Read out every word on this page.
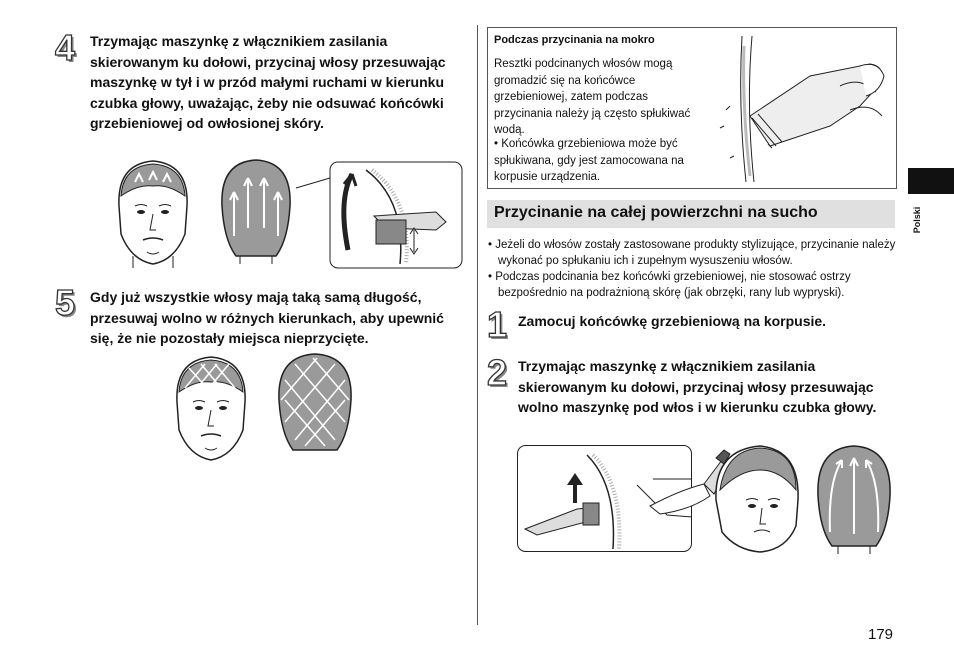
4 Trzymając maszynkę z włącznikiem zasilania skierowanym ku dołowi, przycinaj włosy przesuwając maszynkę w tył i w przód małymi ruchami w kierunku czubka głowy, uważając, żeby nie odsuwać końcówki grzebieniowej od owłosionej skóry.
5 Gdy już wszystkie włosy mają taką samą długość, przesuwaj wolno w różnych kierunkach, aby upewnić się, że nie pozostały miejsca nieprzycięte.
Podczas przycinania na mokro
Resztki podcinanych włosów mogą gromadzić się na końcówce grzebieniowej, zatem podczas przycinania należy ją często spłukiwać wodą.
• Końcówka grzebieniowa może być spłukiwana, gdy jest zamocowana na korpusie urządzenia.
Przycinanie na całej powierzchni na sucho
• Jeżeli do włosów zostały zastosowane produkty stylizujące, przycinanie należy wykonać po spłukaniu ich i zupełnym wysuszeniu włosów.
• Podczas podcinania bez końcówki grzebieniowej, nie stosować ostrzy bezpośrednio na podrażnioną skórę (jak obrzęki, rany lub wypryski).
1 Zamocuj końcówkę grzebieniową na korpusie.
2 Trzymając maszynkę z włącznikiem zasilania skierowanym ku dołowi, przycinaj włosy przesuwając wolno maszynkę pod włos i w kierunku czubka głowy.
Polski
179
